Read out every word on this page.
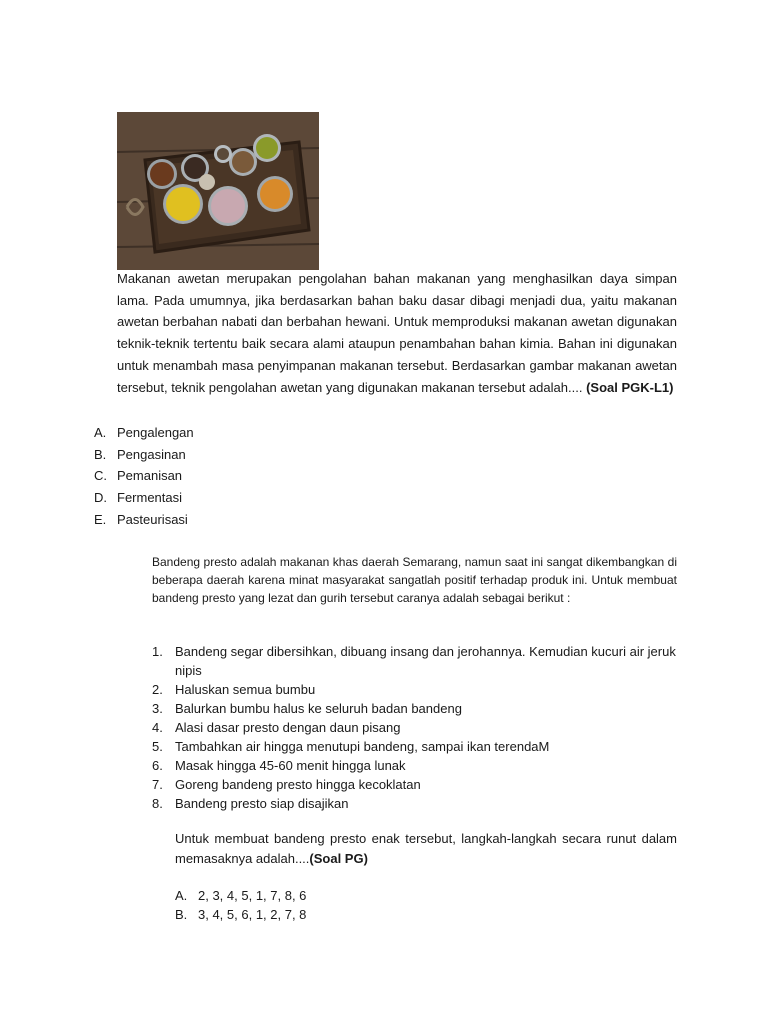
Makanan awetan merupakan pengolahan bahan makanan yang menghasilkan daya simpan lama. Pada umumnya, jika berdasarkan bahan baku dasar dibagi menjadi dua, yaitu makanan awetan berbahan nabati dan berbahan hewani. Untuk memproduksi makanan awetan digunakan teknik-teknik tertentu baik secara alami ataupun penambahan bahan kimia. Bahan ini digunakan untuk menambah masa penyimpanan makanan tersebut. Berdasarkan gambar makanan awetan tersebut, teknik pengolahan awetan yang digunakan makanan tersebut adalah.... (Soal PGK-L1)
A. Pengalengan
B. Pengasinan
C. Pemanisan
D. Fermentasi
E. Pasteurisasi
Bandeng presto adalah makanan khas daerah Semarang, namun saat ini sangat dikembangkan di beberapa daerah karena minat masyarakat sangatlah positif terhadap produk ini. Untuk membuat bandeng presto yang lezat dan gurih tersebut caranya adalah sebagai berikut :
1. Bandeng segar dibersihkan, dibuang insang dan jerohannya. Kemudian kucuri air jeruk nipis
2. Haluskan semua bumbu
3. Balurkan bumbu halus ke seluruh badan bandeng
4. Alasi dasar presto dengan daun pisang
5. Tambahkan air hingga menutupi bandeng, sampai ikan terendaM
6. Masak hingga 45-60 menit hingga lunak
7. Goreng bandeng presto hingga kecoklatan
8. Bandeng presto siap disajikan
Untuk membuat bandeng presto enak tersebut, langkah-langkah secara runut dalam memasaknya adalah....(Soal PG)
A. 2, 3, 4, 5, 1, 7, 8, 6
B. 3, 4, 5, 6, 1, 2, 7, 8
